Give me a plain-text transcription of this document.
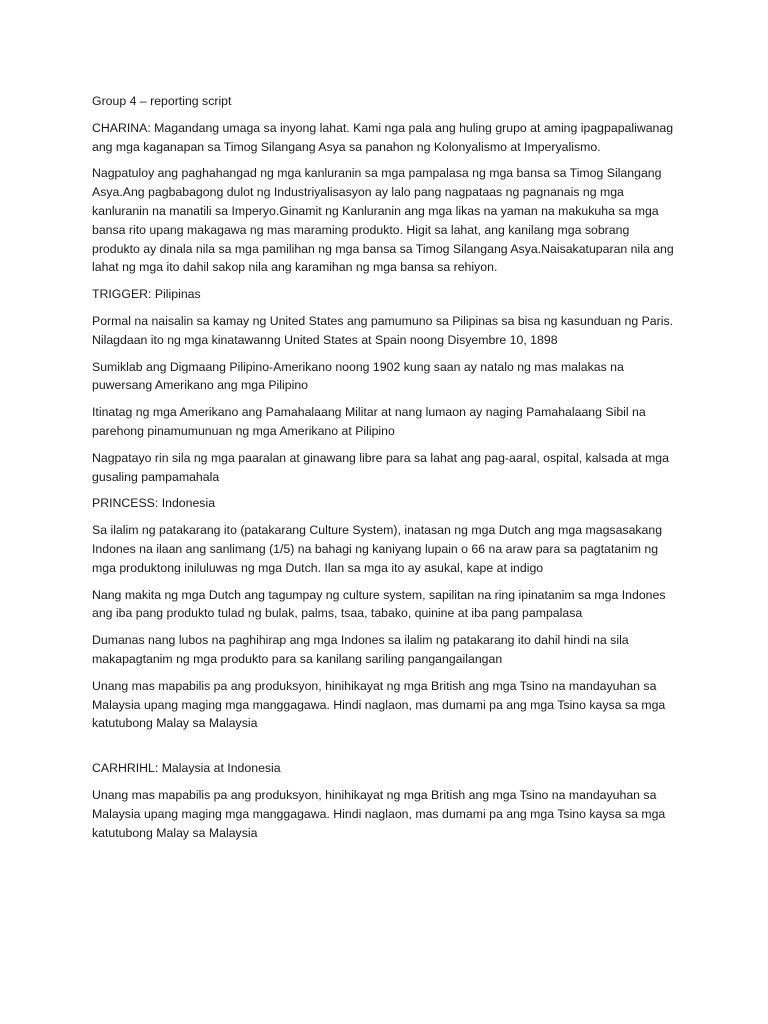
Group 4 – reporting script

CHARINA: Magandang umaga sa inyong lahat. Kami nga pala ang huling grupo at aming ipagpapaliwanag
ang mga kaganapan sa Timog Silangang Asya sa panahon ng Kolonyalismo at Imperyalismo.

Nagpatuloy ang paghahangad ng mga kanluranin sa mga pampalasa ng mga bansa sa Timog Silangang
Asya.Ang pagbabagong dulot ng Industriyalisasyon ay lalo pang nagpataas ng pagnanais ng mga
kanluranin na manatili sa Imperyo.Ginamit ng Kanluranin ang mga likas na yaman na makukuha sa mga
bansa rito upang makagawa ng mas maraming produkto. Higit sa lahat, ang kanilang mga sobrang
produkto ay dinala nila sa mga pamilihan ng mga bansa sa Timog Silangang Asya.Naisakatuparan nila ang
lahat ng mga ito dahil sakop nila ang karamihan ng mga bansa sa rehiyon.

TRIGGER: Pilipinas

Pormal na naisalin sa kamay ng United States ang pamumuno sa Pilipinas sa bisa ng kasunduan ng Paris.
Nilagdaan ito ng mga kinatawanng United States at Spain noong Disyembre 10, 1898

Sumiklab ang Digmaang Pilipino-Amerikano noong 1902 kung saan ay natalo ng mas malakas na
puwersang Amerikano ang mga Pilipino

Itinatag ng mga Amerikano ang Pamahalaang Militar at nang lumaon ay naging Pamahalaang Sibil na
parehong pinamumunuan ng mga Amerikano at Pilipino

Nagpatayo rin sila ng mga paaralan at ginawang libre para sa lahat ang pag-aaral, ospital, kalsada at mga
gusaling pampamahala

PRINCESS: Indonesia

Sa ilalim ng patakarang ito (patakarang Culture System), inatasan ng mga Dutch ang mga magsasakang
Indones na ilaan ang sanlimang (1/5) na bahagi ng kaniyang lupain o 66 na araw para sa pagtatanim ng
mga produktong iniluluwas ng mga Dutch. Ilan sa mga ito ay asukal, kape at indigo

Nang makita ng mga Dutch ang tagumpay ng culture system, sapilitan na ring ipinatanim sa mga Indones
ang iba pang produkto tulad ng bulak, palms, tsaa, tabako, quinine at iba pang pampalasa

Dumanas nang lubos na paghihirap ang mga Indones sa ilalim ng patakarang ito dahil hindi na sila
makapagtanim ng mga produkto para sa kanilang sariling pangangailangan

Unang mas mapabilis pa ang produksyon, hinihikayat ng mga British ang mga Tsino na mandayuhan sa
Malaysia upang maging mga manggagawa. Hindi naglaon, mas dumami pa ang mga Tsino kaysa sa mga
katutubong Malay sa Malaysia

CARHRIHL: Malaysia at Indonesia

Unang mas mapabilis pa ang produksyon, hinihikayat ng mga British ang mga Tsino na mandayuhan sa
Malaysia upang maging mga manggagawa. Hindi naglaon, mas dumami pa ang mga Tsino kaysa sa mga
katutubong Malay sa Malaysia
